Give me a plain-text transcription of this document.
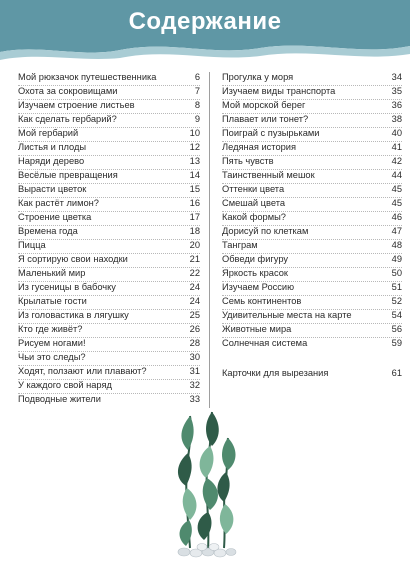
Содержание
Мой рюкзачок путешественника	6
Охота за сокровищами	7
Изучаем строение листьев	8
Как сделать гербарий?	9
Мой гербарий	10
Листья и плоды	12
Наряди дерево	13
Весёлые превращения	14
Вырасти цветок	15
Как растёт лимон?	16
Строение цветка	17
Времена года	18
Пицца	20
Я сортирую свои находки	21
Маленький мир	22
Из гусеницы в бабочку	24
Крылатые гости	24
Из головастика в лягушку	25
Кто где живёт?	26
Рисуем ногами!	28
Чьи это следы?	30
Ходят, ползают или плавают?	31
У каждого свой наряд	32
Подводные жители	33
Прогулка у моря	34
Изучаем виды транспорта	35
Мой морской берег	36
Плавает или тонет?	38
Поиграй с пузырьками	40
Ледяная история	41
Пять чувств	42
Таинственный мешок	44
Оттенки цвета	45
Смешай цвета	45
Какой формы?	46
Дорисуй по клеткам	47
Танграм	48
Обведи фигуру	49
Яркость красок	50
Изучаем Россию	51
Семь континентов	52
Удивительные места на карте	54
Животные мира	56
Солнечная система	59
Карточки для вырезания	61
